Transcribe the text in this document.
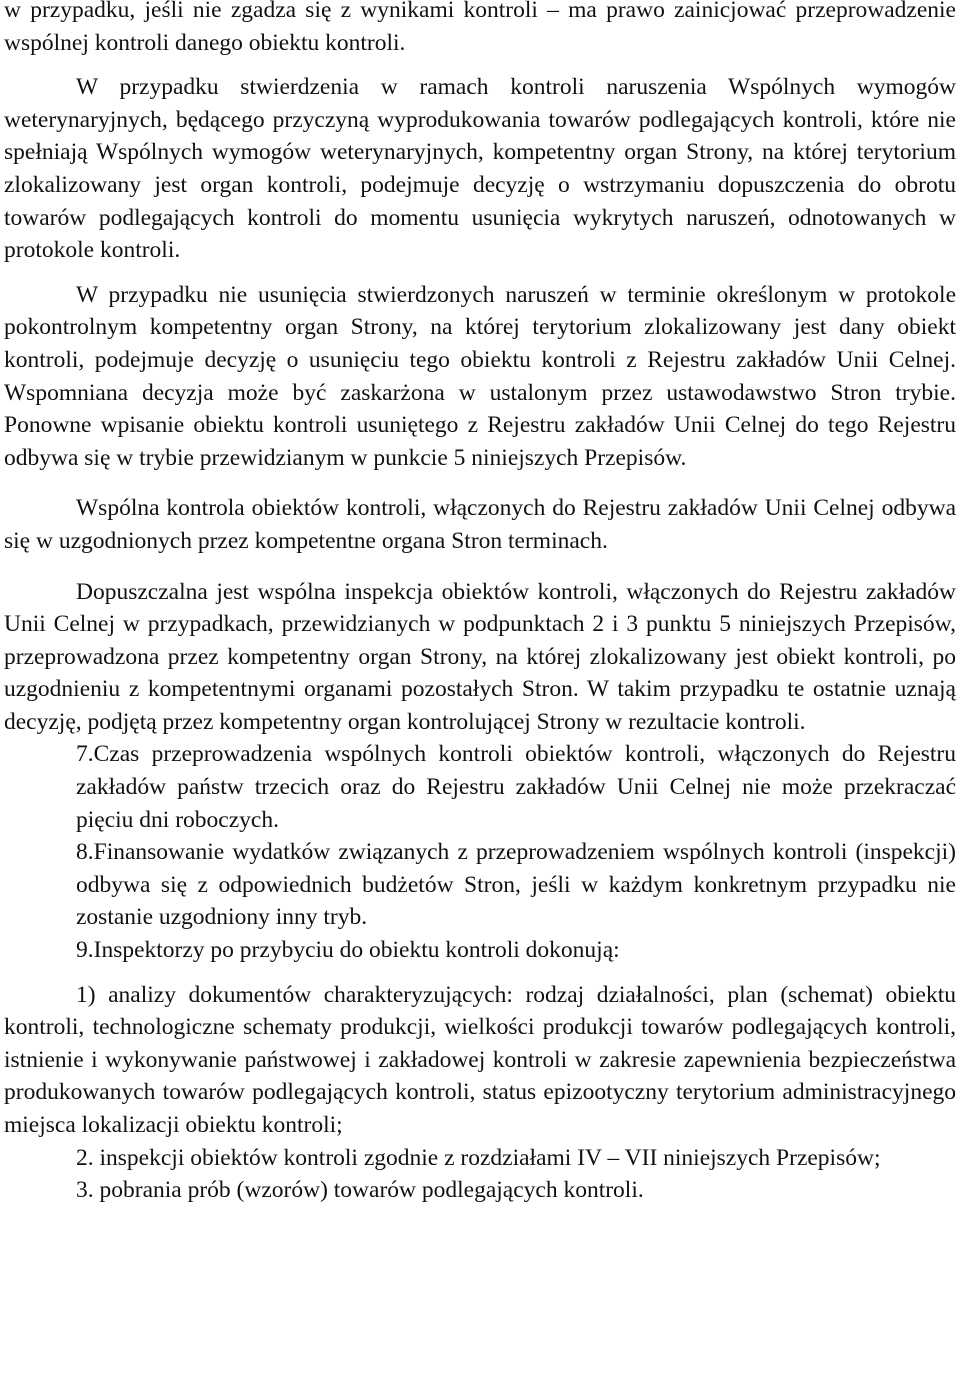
w przypadku, jeśli nie zgadza się z wynikami kontroli – ma prawo zainicjować przeprowadzenie wspólnej kontroli danego obiektu kontroli.

W przypadku stwierdzenia w ramach kontroli naruszenia Wspólnych wymogów weterynaryjnych, będącego przyczyną wyprodukowania towarów podlegających kontroli, które nie spełniają Wspólnych wymogów weterynaryjnych, kompetentny organ Strony, na której terytorium zlokalizowany jest organ kontroli, podejmuje decyzję o wstrzymaniu dopuszczenia do obrotu towarów podlegających kontroli do momentu usunięcia wykrytych naruszeń, odnotowanych w protokole kontroli.

W przypadku nie usunięcia stwierdzonych naruszeń w terminie określonym w protokole pokontrolnym kompetentny organ Strony, na której terytorium zlokalizowany jest dany obiekt kontroli, podejmuje decyzję o usunięciu tego obiektu kontroli z Rejestru zakładów Unii Celnej. Wspomniana decyzja może być zaskarżona w ustalonym przez ustawodawstwo Stron trybie. Ponowne wpisanie obiektu kontroli usuniętego z Rejestru zakładów Unii Celnej do tego Rejestru odbywa się w trybie przewidzianym w punkcie 5 niniejszych Przepisów.

Wspólna kontrola obiektów kontroli, włączonych do Rejestru zakładów Unii Celnej odbywa się w uzgodnionych przez kompetentne organa Stron terminach.

Dopuszczalna jest wspólna inspekcja obiektów kontroli, włączonych do Rejestru zakładów Unii Celnej w przypadkach, przewidzianych w podpunktach 2 i 3 punktu 5 niniejszych Przepisów, przeprowadzona przez kompetentny organ Strony, na której zlokalizowany jest obiekt kontroli, po uzgodnieniu z kompetentnymi organami pozostałych Stron. W takim przypadku te ostatnie uznają decyzję, podjętą przez kompetentny organ kontrolującej Strony w rezultacie kontroli.

7.Czas przeprowadzenia wspólnych kontroli obiektów kontroli, włączonych do Rejestru zakładów państw trzecich oraz do Rejestru zakładów Unii Celnej nie może przekraczać pięciu dni roboczych.

8.Finansowanie wydatków związanych z przeprowadzeniem wspólnych kontroli (inspekcji) odbywa się z odpowiednich budżetów Stron, jeśli w każdym konkretnym przypadku nie zostanie uzgodniony inny tryb.

9.Inspektorzy po przybyciu do obiektu kontroli dokonują:

1) analizy dokumentów charakteryzujących: rodzaj działalności, plan (schemat) obiektu kontroli, technologiczne schematy produkcji, wielkości produkcji towarów podlegających kontroli, istnienie i wykonywanie państwowej i zakładowej kontroli w zakresie zapewnienia bezpieczeństwa produkowanych towarów podlegających kontroli, status epizootyczny terytorium administracyjnego miejsca lokalizacji obiektu kontroli;

2. inspekcji obiektów kontroli zgodnie z rozdziałami IV – VII niniejszych Przepisów;

3. pobrania prób (wzorów) towarów podlegających kontroli.
